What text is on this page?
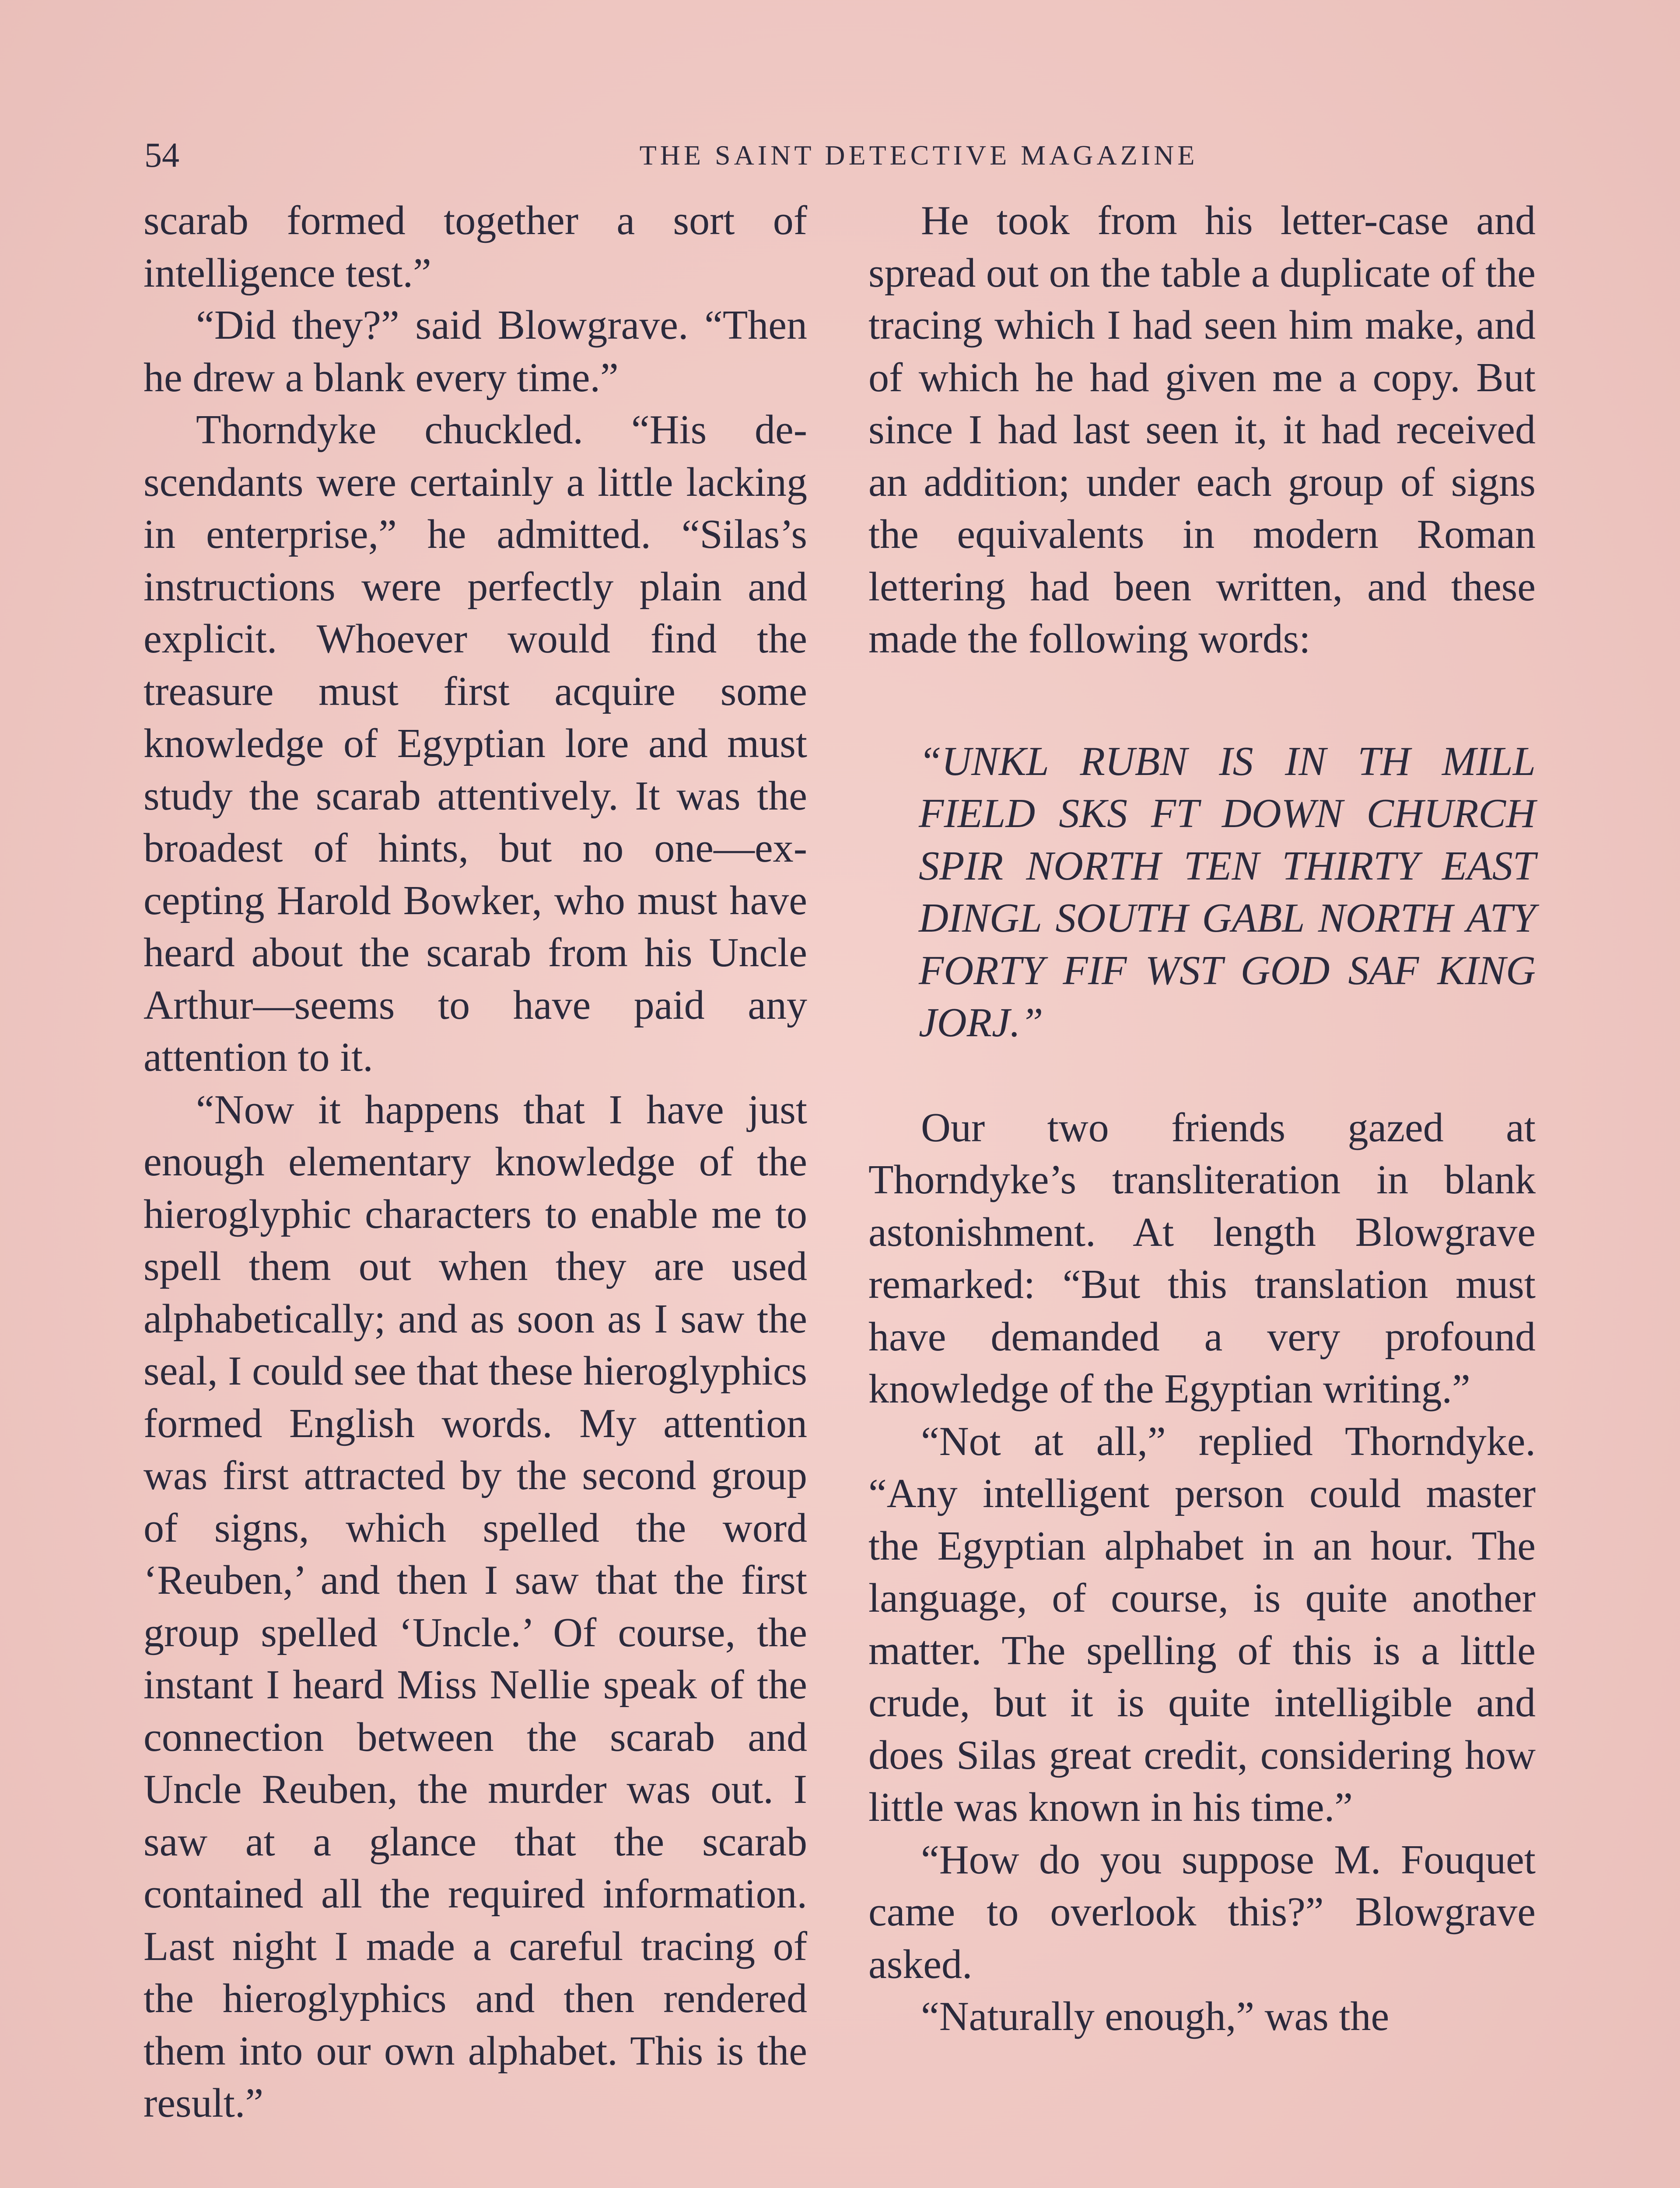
54	THE SAINT DETECTIVE MAGAZINE

scarab formed together a sort of intelligence test.”

“Did they?” said Blowgrave. “Then he drew a blank every time.”

Thorndyke chuckled. “His descendants were certainly a little lacking in enterprise,” he admitted. “Silas’s instructions were perfectly plain and explicit. Whoever would find the treasure must first acquire some knowledge of Egyptian lore and must study the scarab attentively. It was the broadest of hints, but no one—excepting Harold Bowker, who must have heard about the scarab from his Uncle Arthur—seems to have paid any attention to it.

“Now it happens that I have just enough elementary knowledge of the hieroglyphic characters to enable me to spell them out when they are used alphabetically; and as soon as I saw the seal, I could see that these hieroglyphics formed English words. My attention was first attracted by the second group of signs, which spelled the word ‘Reuben,’ and then I saw that the first group spelled ‘Uncle.’ Of course, the instant I heard Miss Nellie speak of the connection between the scarab and Uncle Reuben, the murder was out. I saw at a glance that the scarab contained all the required information. Last night I made a careful tracing of the hieroglyphics and then rendered them into our own alphabet. This is the result.”

He took from his letter-case and spread out on the table a duplicate of the tracing which I had seen him make, and of which he had given me a copy. But since I had last seen it, it had received an addition; under each group of signs the equivalents in modern Roman lettering had been written, and these made the following words:

“UNKL RUBN IS IN TH MILL FIELD SKS FT DOWN CHURCH SPIR NORTH TEN THIRTY EAST DINGL SOUTH GABL NORTH ATY FORTY FIF WST GOD SAF KING JORJ.”

Our two friends gazed at Thorndyke’s transliteration in blank astonishment. At length Blowgrave remarked: “But this translation must have demanded a very profound knowledge of the Egyptian writing.”

“Not at all,” replied Thorndyke. “Any intelligent person could master the Egyptian alphabet in an hour. The language, of course, is quite another matter. The spelling of this is a little crude, but it is quite intelligible and does Silas great credit, considering how little was known in his time.”

“How do you suppose M. Fouquet came to overlook this?” Blowgrave asked.

“Naturally enough,” was the
